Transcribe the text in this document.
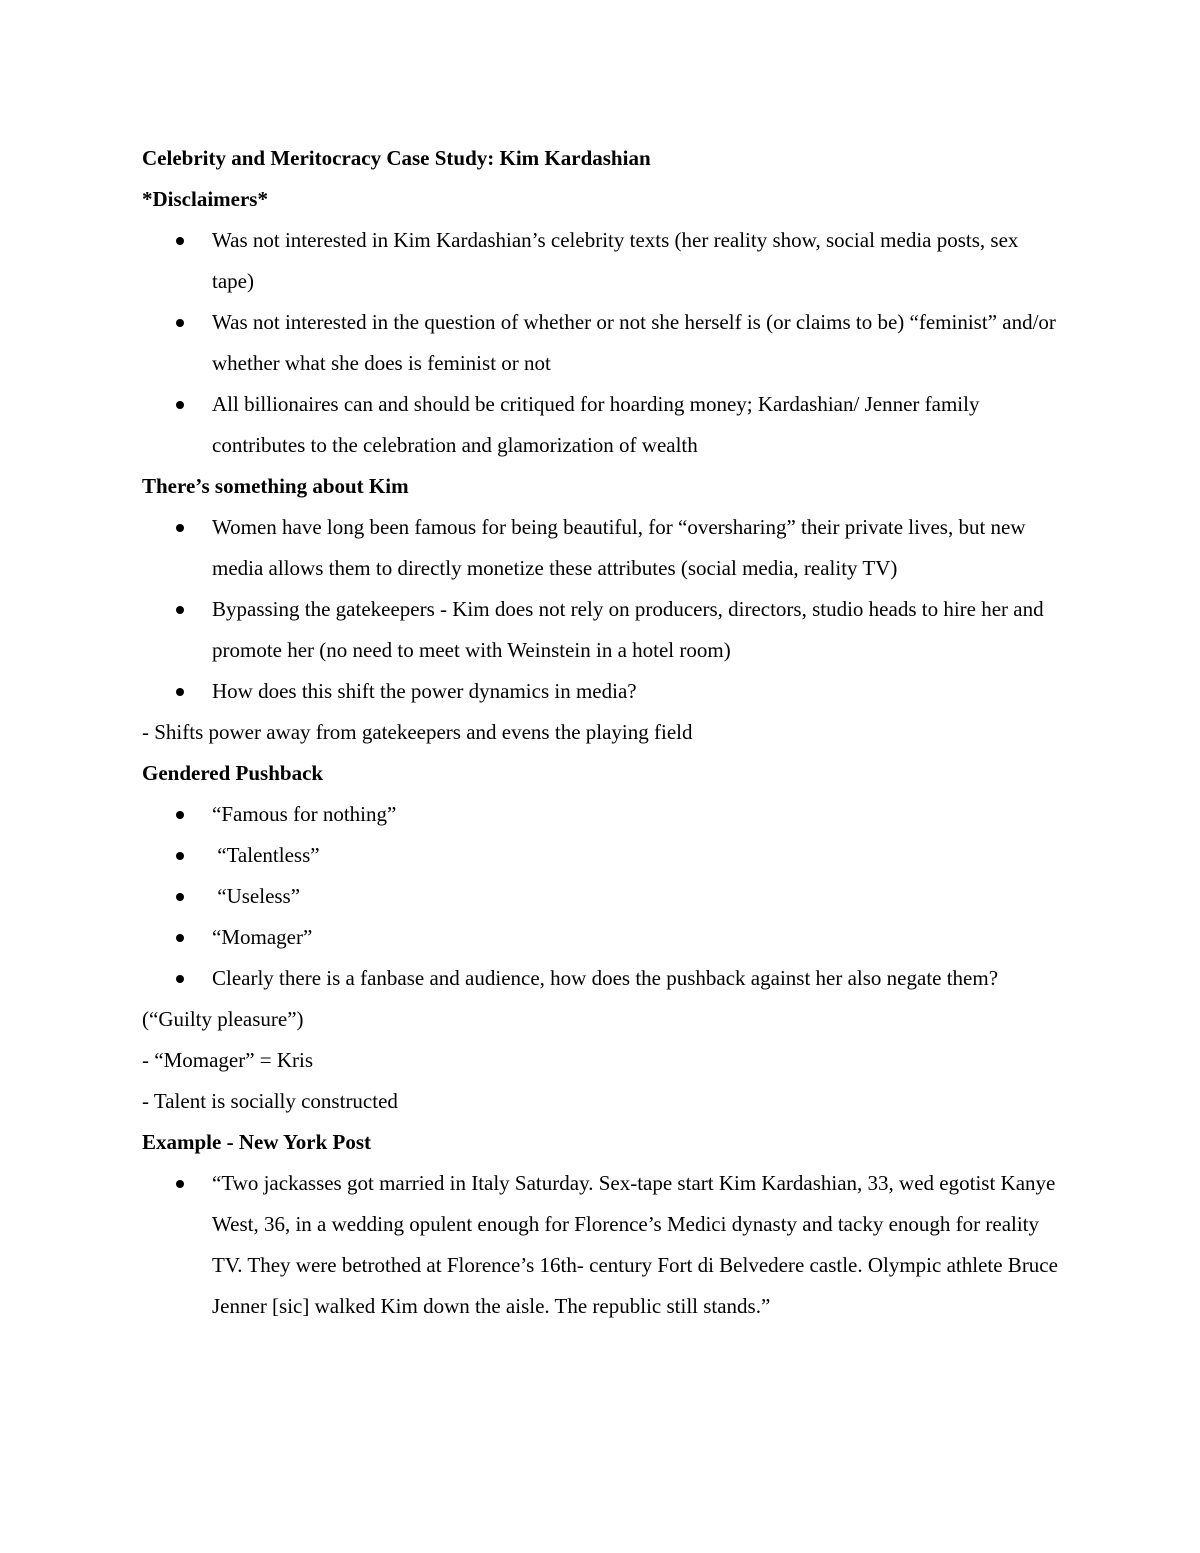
Celebrity and Meritocracy Case Study: Kim Kardashian

*Disclaimers*

Was not interested in Kim Kardashian’s celebrity texts (her reality show, social media posts, sex tape)
Was not interested in the question of whether or not she herself is (or claims to be) “feminist” and/or whether what she does is feminist or not
All billionaires can and should be critiqued for hoarding money; Kardashian/ Jenner family contributes to the celebration and glamorization of wealth

There’s something about Kim

Women have long been famous for being beautiful, for “oversharing” their private lives, but new media allows them to directly monetize these attributes (social media, reality TV)
Bypassing the gatekeepers - Kim does not rely on producers, directors, studio heads to hire her and promote her (no need to meet with Weinstein in a hotel room)
How does this shift the power dynamics in media?

- Shifts power away from gatekeepers and evens the playing field

Gendered Pushback

“Famous for nothing”
“Talentless”
“Useless”
“Momager”

Clearly there is a fanbase and audience, how does the pushback against her also negate them? (“Guilty pleasure”)

- “Momager” = Kris

- Talent is socially constructed

Example - New York Post

“Two jackasses got married in Italy Saturday. Sex-tape start Kim Kardashian, 33, wed egotist Kanye West, 36, in a wedding opulent enough for Florence’s Medici dynasty and tacky enough for reality TV. They were betrothed at Florence’s 16th- century Fort di Belvedere castle. Olympic athlete Bruce Jenner [sic] walked Kim down the aisle. The republic still stands.”
